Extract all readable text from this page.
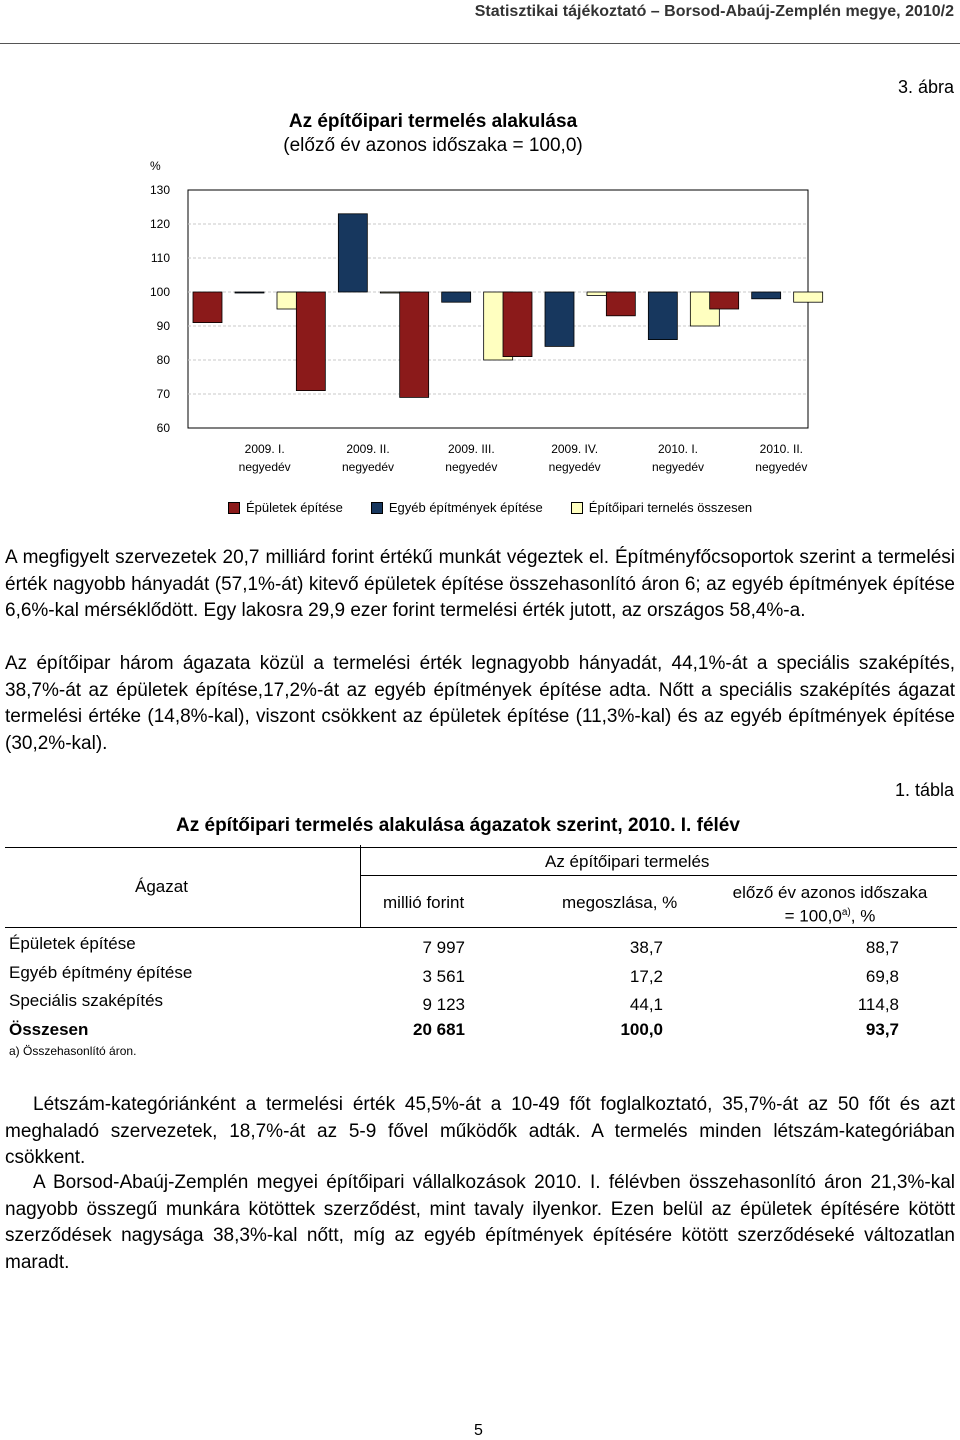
Statisztikai tájékoztató – Borsod-Abaúj-Zemplén megye, 2010/2
3. ábra
Az építőipari termelés alakulása
(előző év azonos időszaka = 100,0)
60
70
80
90
100
110
120
130
%
2009. I.
negyedév
2009. II.
negyedév
2009. III.
negyedév
2009. IV.
negyedév
2010. I.
negyedév
2010. II.
negyedév
Épületek építése	Egyéb építmények építése	Építőipari ternelés összesen

A megfigyelt szervezetek 20,7 milliárd forint értékű munkát végeztek el. Építményfőcsoportok szerint a termelési érték nagyobb hányadát (57,1%-át) kitevő épületek építése összehasonlító áron 6; az egyéb építmények építése 6,6%-kal mérséklődött. Egy lakosra 29,9 ezer forint termelési érték jutott, az országos 58,4%-a.

Az építőipar három ágazata közül a termelési érték legnagyobb hányadát, 44,1%-át a speciális szaképítés, 38,7%-át az épületek építése,17,2%-át az egyéb építmények építése adta. Nőtt a speciális szaképítés ágazat termelési értéke (14,8%-kal), viszont csökkent az épületek építése (11,3%-kal) és az egyéb építmények építése (30,2%-kal).

1. tábla
Az építőipari termelés alakulása ágazatok szerint, 2010. I. félév
Ágazat
Az építőipari termelés
millió forint	megoszlása, %
előző év azonos időszaka
= $100,0^{a)}$, %
Épületek építése	7 997	38,7	88,7
Egyéb építmény építése	3 561	17,2	69,8
Speciális szaképítés	9 123	44,1	114,8
Összesen	20 681	100,0	93,7
a) Összehasonlító áron.

Létszám-kategóriánként a termelési érték 45,5%-át a 10-49 főt foglalkoztató, 35,7%-át az 50 főt és azt meghaladó szervezetek, 18,7%-át az 5-9 fővel működők adták. A termelés minden létszám-kategóriában csökkent.

A Borsod-Abaúj-Zemplén megyei építőipari vállalkozások 2010. I. félévben összehasonlító áron 21,3%-kal nagyobb összegű munkára kötöttek szerződést, mint tavaly ilyenkor. Ezen belül az épületek építésére kötött szerződések nagysága 38,3%-kal nőtt, míg az egyéb építmények építésére kötött szerződéseké változatlan maradt.

5
